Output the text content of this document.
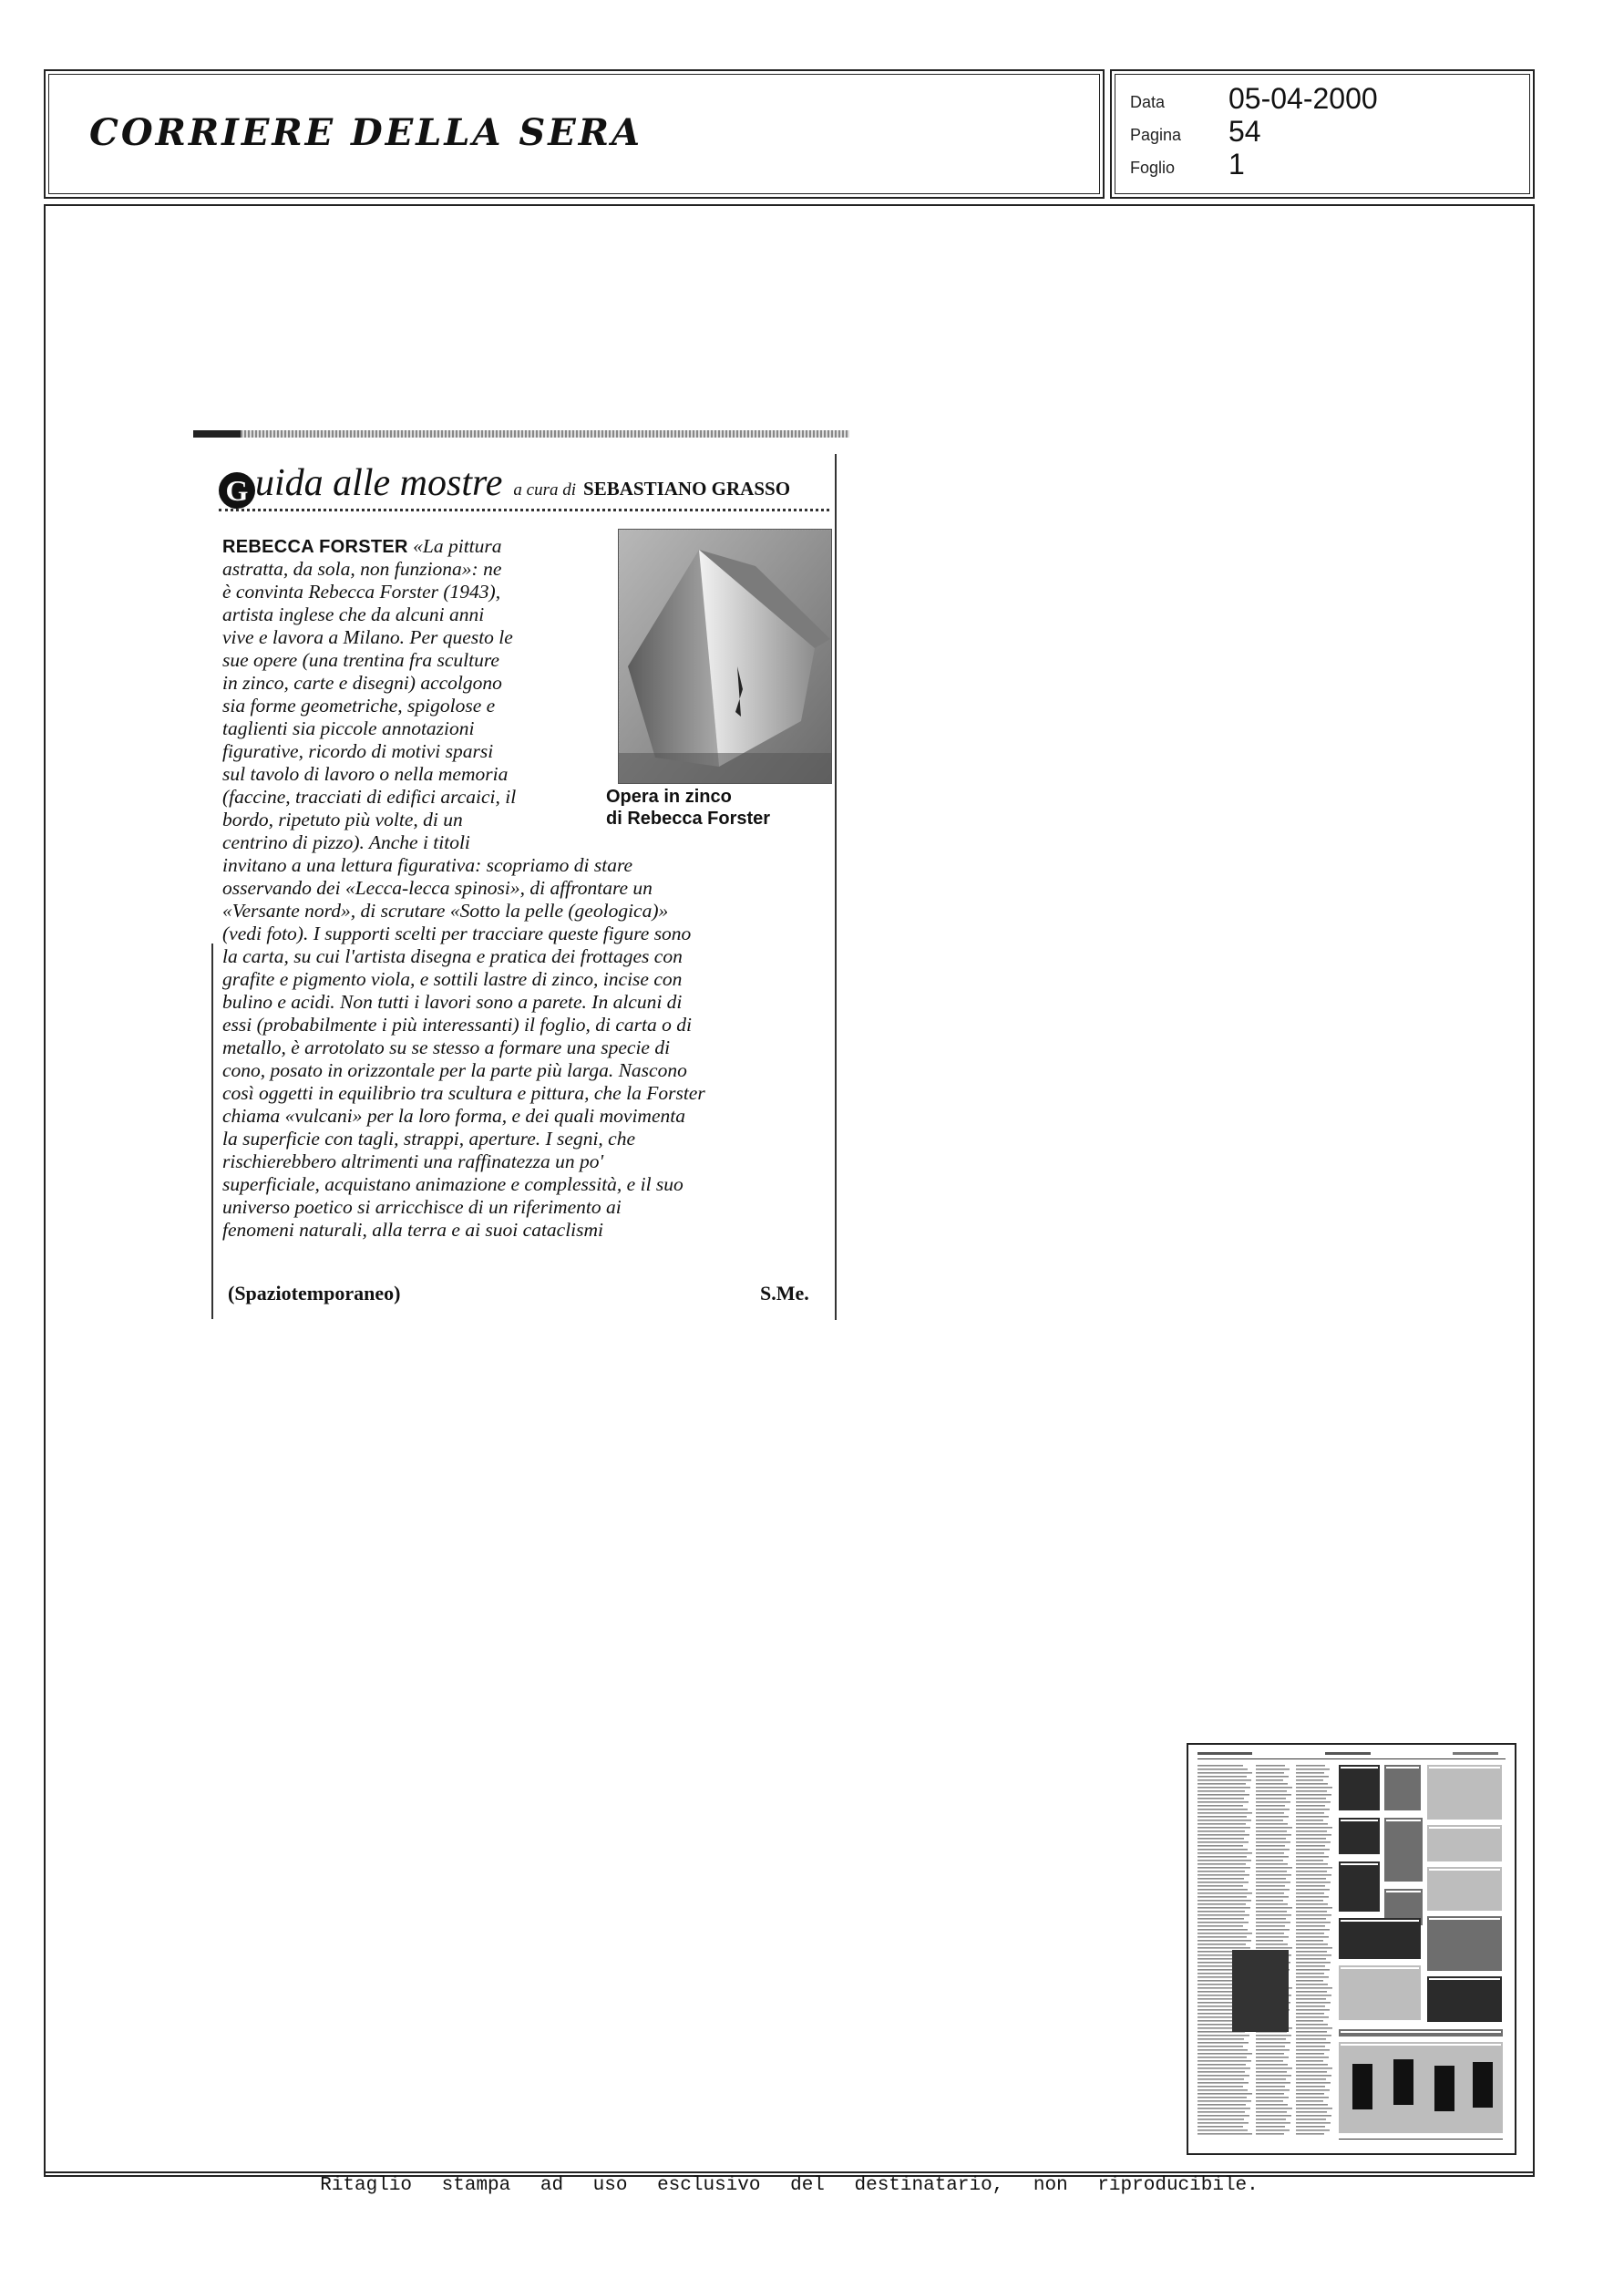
CORRIERE DELLA SERA
Data 05-04-2000
Pagina 54
Foglio 1
G uida alle mostre a cura di SEBASTIANO GRASSO
Opera in zinco
di Rebecca Forster
REBECCA FORSTER «La pittura
astratta, da sola, non funziona»: ne
è convinta Rebecca Forster (1943),
artista inglese che da alcuni anni
vive e lavora a Milano. Per questo le
sue opere (una trentina fra sculture
in zinco, carte e disegni) accolgono
sia forme geometriche, spigolose e
taglienti sia piccole annotazioni
figurative, ricordo di motivi sparsi
sul tavolo di lavoro o nella memoria
(faccine, tracciati di edifici arcaici, il
bordo, ripetuto più volte, di un
centrino di pizzo). Anche i titoli
invitano a una lettura figurativa: scopriamo di stare
osservando dei «Lecca-lecca spinosi», di affrontare un
«Versante nord», di scrutare «Sotto la pelle (geologica)»
(vedi foto). I supporti scelti per tracciare queste figure sono
la carta, su cui l'artista disegna e pratica dei frottages con
grafite e pigmento viola, e sottili lastre di zinco, incise con
bulino e acidi. Non tutti i lavori sono a parete. In alcuni di
essi (probabilmente i più interessanti) il foglio, di carta o di
metallo, è arrotolato su se stesso a formare una specie di
cono, posato in orizzontale per la parte più larga. Nascono
così oggetti in equilibrio tra scultura e pittura, che la Forster
chiama «vulcani» per la loro forma, e dei quali movimenta
la superficie con tagli, strappi, aperture. I segni, che
rischierebbero altrimenti una raffinatezza un po'
superficiale, acquistano animazione e complessità, e il suo
universo poetico si arricchisce di un riferimento ai
fenomeni naturali, alla terra e ai suoi cataclismi
(Spaziotemporaneo)	S.Me.
Ritaglio stampa ad uso esclusivo del destinatario, non riproducibile.
